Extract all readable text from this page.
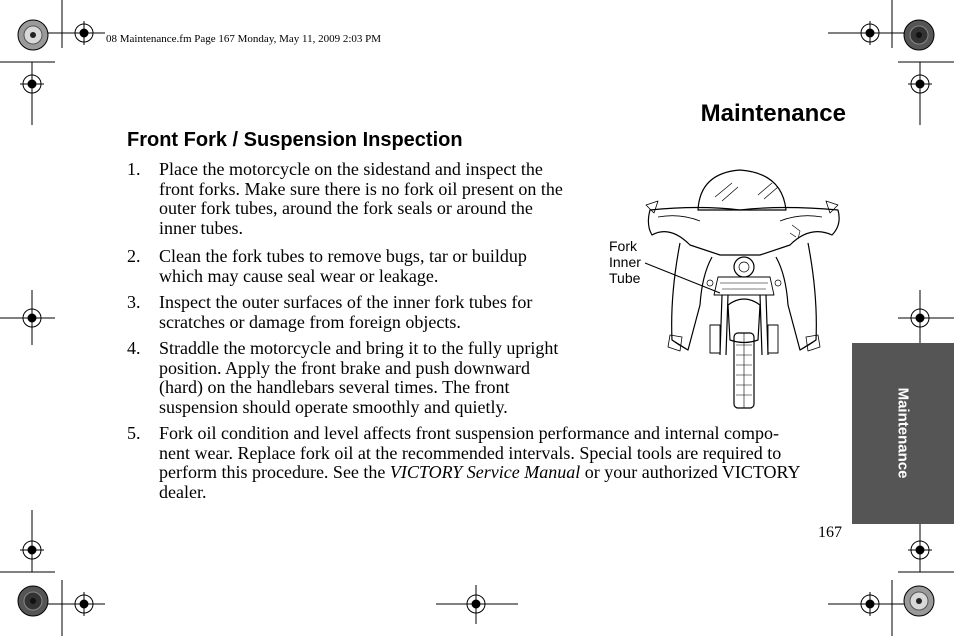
08 Maintenance.fm Page 167 Monday, May 11, 2009 2:03 PM
Maintenance
Front Fork / Suspension Inspection
1. Place the motorcycle on the sidestand and inspect the
front forks. Make sure there is no fork oil present on the
outer fork tubes, around the fork seals or around the
inner tubes.
2. Clean the fork tubes to remove bugs, tar or buildup
which may cause seal wear or leakage.
3. Inspect the outer surfaces of the inner fork tubes for
scratches or damage from foreign objects.
4. Straddle the motorcycle and bring it to the fully upright
position. Apply the front brake and push downward
(hard) on the handlebars several times. The front
suspension should operate smoothly and quietly.
5. Fork oil condition and level affects front suspension performance and internal compo-
nent wear. Replace fork oil at the recommended intervals. Special tools are required to
perform this procedure. See the VICTORY Service Manual or your authorized VICTORY
dealer.
Fork
Inner
Tube
Maintenance
167
